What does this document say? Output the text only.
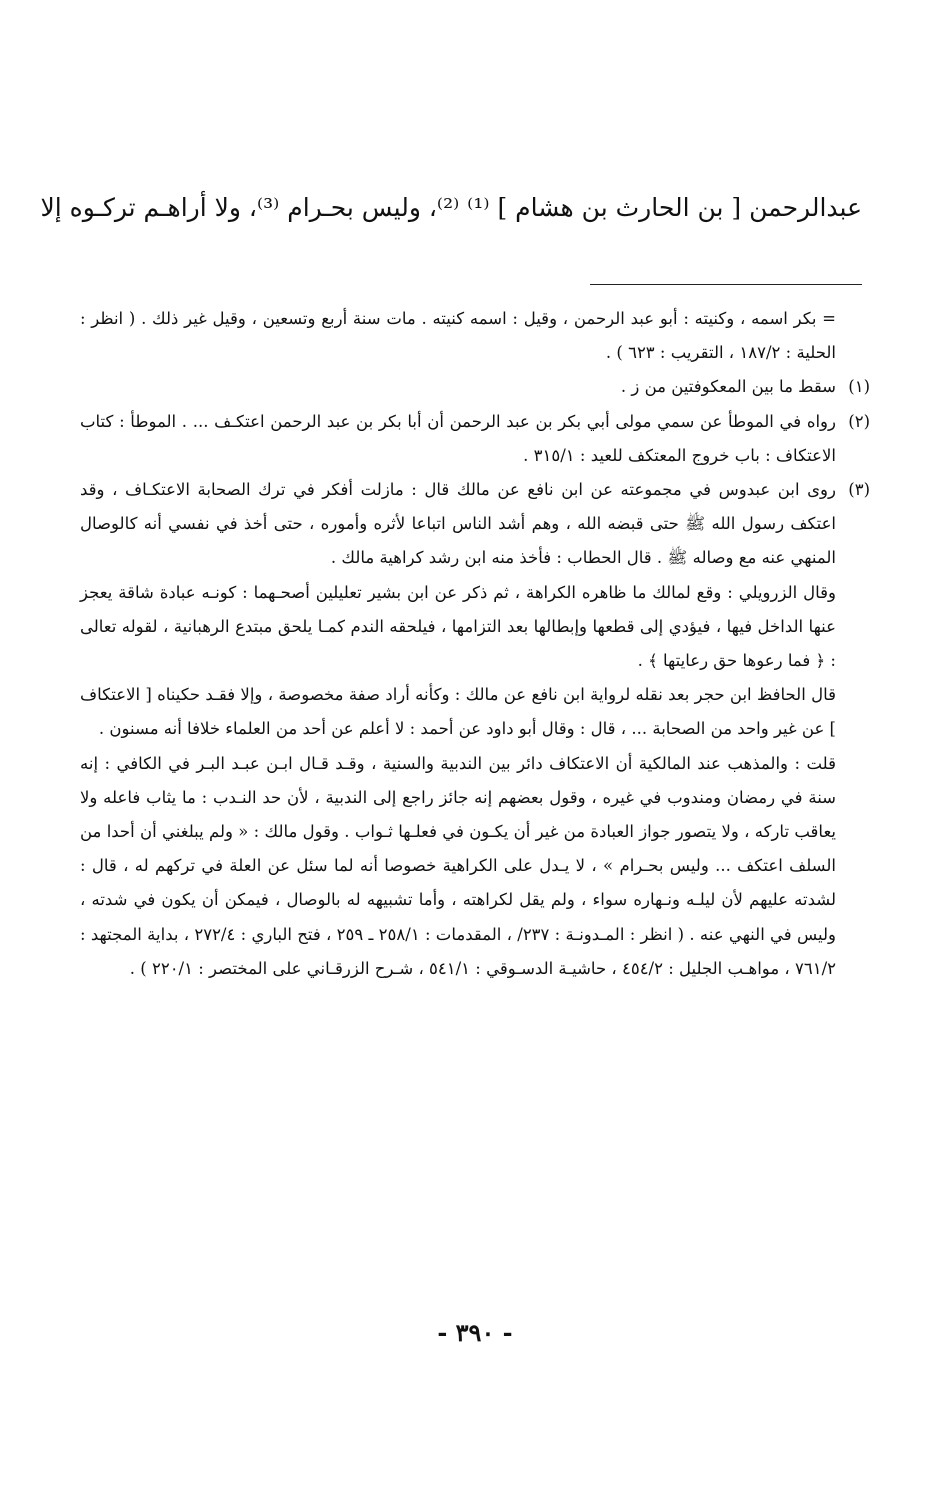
عبدالرحمن [ بن الحارث بن هشام ] ⁽¹⁾ ⁽²⁾، وليس بحـرام ⁽³⁾، ولا أراهـم تركـوه إلا
= بكر اسمه ، وكنيته : أبو عبد الرحمن ، وقيل : اسمه كنيته . مات سنة أربع وتسعين ، وقيل غير ذلك . ( انظر : الحلية : ١٨٧/٢ ، التقريب : ٦٢٣ ) .
(١)
سقط ما بين المعكوفتين من ز .
(٢)
رواه في الموطأ عن سمي مولى أبي بكر بن عبد الرحمن أن أبا بكر بن عبد الرحمن اعتكـف ... . الموطأ : كتاب الاعتكاف : باب خروج المعتكف للعيد : ٣١٥/١ .
(٣)
روى ابن عبدوس في مجموعته عن ابن نافع عن مالك قال : مازلت أفكر في ترك الصحابة الاعتكـاف ، وقد اعتكف رسول الله ﷺ حتى قبضه الله ، وهم أشد الناس اتباعا لأثره وأموره ، حتى أخذ في نفسي أنه كالوصال المنهي عنه مع وصاله ﷺ . قال الحطاب : فأخذ منه ابن رشد كراهية مالك .
وقال الزرويلي : وقع لمالك ما ظاهره الكراهة ، ثم ذكر عن ابن بشير تعليلين أصحـهما : كونـه عبادة شاقة يعجز عنها الداخل فيها ، فيؤدي إلى قطعها وإبطالها بعد التزامها ، فيلحقه الندم كمـا يلحق مبتدع الرهبانية ، لقوله تعالى : ﴿ فما رعوها حق رعايتها ﴾ .
قال الحافظ ابن حجر بعد نقله لرواية ابن نافع عن مالك : وكأنه أراد صفة مخصوصة ، وإلا فقـد حكيناه [ الاعتكاف ] عن غير واحد من الصحابة ... ، قال : وقال أبو داود عن أحمد : لا أعلم عن أحد من العلماء خلافا أنه مسنون .
قلت : والمذهب عند المالكية أن الاعتكاف دائر بين الندبية والسنية ، وقـد قـال ابـن عبـد البـر في الكافي : إنه سنة في رمضان ومندوب في غيره ، وقول بعضهم إنه جائز راجع إلى الندبية ، لأن حد النـدب : ما يثاب فاعله ولا يعاقب تاركه ، ولا يتصور جواز العبادة من غير أن يكـون في فعلـها ثـواب . وقول مالك : « ولم يبلغني أن أحدا من السلف اعتكف ... وليس بحـرام » ، لا يـدل على الكراهية خصوصا أنه لما سئل عن العلة في تركهم له ، قال : لشدته عليهم لأن ليلـه ونـهاره سواء ، ولم يقل لكراهته ، وأما تشبيهه له بالوصال ، فيمكن أن يكون في شدته ، وليس في النهي عنه . ( انظر : المـدونـة : ٢٣٧/ ، المقدمات : ٢٥٨/١ ـ ٢٥٩ ، فتح الباري : ٢٧٢/٤ ، بداية المجتهد : ٧٦١/٢ ، مواهـب الجليل : ٤٥٤/٢ ، حاشيـة الدسـوقي : ٥٤١/١ ، شـرح الزرقـاني على المختصر : ٢٢٠/١ ) .
- ٣٩٠ -
